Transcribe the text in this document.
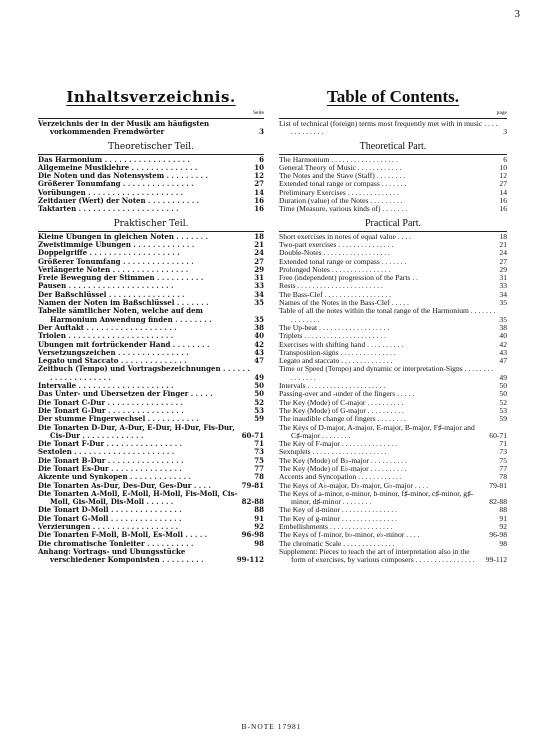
3
Inhaltsverzeichnis.
Seite
Verzeichnis der in der Musik am häufigsten vorkommenden Fremdwörter	3
Theoretischer Teil.
Das Harmonium . . . . . . . . . . . . . . . . . .	6
Allgemeine Musiklehre . . . . . . . . . . . . . .	10
Die Noten und das Notensystem . . . . . . . . .	12
Größerer Tonumfang . . . . . . . . . . . . . . .	27
Vorübungen . . . . . . . . . . . . . . . . . . . .	14
Zeitdauer (Wert) der Noten . . . . . . . . . . .	16
Taktarten . . . . . . . . . . . . . . . . . . . . .	16
Praktischer Teil.
Kleine Übungen in gleichen Noten . . . . . . .	18
Zweistimmige Übungen . . . . . . . . . . . . .	21
Doppelgriffe . . . . . . . . . . . . . . . . . . .	24
Größerer Tonumfang . . . . . . . . . . . . . . .	27
Verlängerte Noten . . . . . . . . . . . . . . . .	29
Freie Bewegung der Stimmen . . . . . . . . . .	31
Pausen . . . . . . . . . . . . . . . . . . . . . .	33
Der Baßschlüssel . . . . . . . . . . . . . . . .	34
Namen der Noten im Baßschlüssel . . . . . . .	35
Tabelle sämtlicher Noten, welche auf dem Harmonium Anwendung finden . . . . . . . .	35
Der Auftakt . . . . . . . . . . . . . . . . . . .	38
Triolen . . . . . . . . . . . . . . . . . . . . . .	40
Übungen mit fortrückender Hand . . . . . . . .	42
Versetzungszeichen . . . . . . . . . . . . . . .	43
Legato und Staccato . . . . . . . . . . . . . .	47
Zeitbuch (Tempo) und Vortragsbezeichnungen . . . . . . . . . . . . . . . . . . .	49
Intervalle . . . . . . . . . . . . . . . . . . . .	50
Das Unter- und Übersetzen der Finger . . . . .	50
Die Tonart C-Dur . . . . . . . . . . . . . . . .	52
Die Tonart G-Dur . . . . . . . . . . . . . . . .	53
Der stumme Fingerwechsel . . . . . . . . . . .	59
Die Tonarten D-Dur, A-Dur, E-Dur, H-Dur, Fis-Dur, Cis-Dur . . . . . . . . . . . . .	60-71
Die Tonart F-Dur . . . . . . . . . . . . . . . .	71
Sextolen . . . . . . . . . . . . . . . . . . . . .	73
Die Tonart B-Dur . . . . . . . . . . . . . . . .	75
Die Tonart Es-Dur . . . . . . . . . . . . . . .	77
Akzente und Synkopen . . . . . . . . . . . . .	78
Die Tonarten As-Dur, Des-Dur, Ges-Dur . . . .	79-81
Die Tonarten A-Moll, E-Moll, H-Moll, Fis-Moll, Cis-Moll, Gis-Moll, Dis-Moll . . . . . .	82-88
Die Tonart D-Moll . . . . . . . . . . . . . . .	88
Die Tonart G-Moll . . . . . . . . . . . . . . .	91
Verzierungen . . . . . . . . . . . . . . . . . .	92
Die Tonarten F-Moll, B-Moll, Es-Moll . . . . .	96-98
Die chromatische Tonleiter . . . . . . . . . .	98
Anhang: Vortrags- und Übungsstücke verschiedener Komponisten . . . . . . . . .	99-112
Table of Contents.
page
List of technical (foreign) terms most frequently met with in music . . . . . . . . . . . . .	3
Theoretical Part.
The Harmonium . . . . . . . . . . . . . . . . . .	6
General Theory of Music . . . . . . . . . . . .	10
The Notes and the Stave (Staff) . . . . . . . .	12
Extended tonal range or compass . . . . . . .	27
Preliminary Exercises . . . . . . . . . . . . . .	14
Duration (value) of the Notes . . . . . . . . .	16
Time (Measure, various kinds of) . . . . . . .	16
Practical Part.
Short exercises in notes of equal value . . . .	18
Two-part exercises . . . . . . . . . . . . . . .	21
Double-Notes . . . . . . . . . . . . . . . . . .	24
Extended tonal range or compass . . . . . . .	27
Prolonged Notes . . . . . . . . . . . . . . . .	29
Free (independent) progression of the Parts . .	31
Rests . . . . . . . . . . . . . . . . . . . . . . .	33
The Bass-Clef . . . . . . . . . . . . . . . . . .	34
Names of the Notes in the Bass-Clef . . . . .	35
Table of all the notes within the tonal range of the Harmonium . . . . . . . . . . . . . . .	35
The Up-beat . . . . . . . . . . . . . . . . . . .	38
Triplets . . . . . . . . . . . . . . . . . . . . . .	40
Exercises with shifting hand . . . . . . . . . .	42
Transposition-signs . . . . . . . . . . . . . . .	43
Legato and staccato . . . . . . . . . . . . . .	47
Time or Speed (Tempo) and dynamic or interpretation-Signs . . . . . . . . . . . . . . .	49
Intervals . . . . . . . . . . . . . . . . . . . . .	50
Passing-over and -under of the fingers . . . . .	50
The Key (Mode) of C-major . . . . . . . . . .	52
The Key (Mode) of G-major . . . . . . . . . .	53
The inaudible change of fingers . . . . . . . .	59
The Keys of D-major, A-major, E-major, B-major, F♯-major and C♯-major . . . . . . . .	60-71
The Key of F-major . . . . . . . . . . . . . . .	71
Sextuplets . . . . . . . . . . . . . . . . . . . .	73
The Key (Mode) of B♭-major . . . . . . . . . .	75
The Key (Mode) of E♭-major . . . . . . . . . .	77
Accents and Syncopation . . . . . . . . . . . .	78
The Keys of A♭-major, D♭-major, G♭-major . . . .	79-81
The Keys of a-minor, e-minor, b-minor, f♯-minor, c♯-minor, g♯-minor, d♯-minor . . . . . . . .	82-88
The Key of d-minor . . . . . . . . . . . . . . .	88
The Key of g-minor . . . . . . . . . . . . . . .	91
Embellishments . . . . . . . . . . . . . . . . .	92
The Keys of f-minor, b♭-minor, e♭-minor . . . .	96-98
The chromatic Scale . . . . . . . . . . . . . .	98
Supplement: Pieces to teach the art of interpretation also in the form of exercises, by various composers . . . . . . . . . . . . . . . .	99-112
B-NOTE 17981
